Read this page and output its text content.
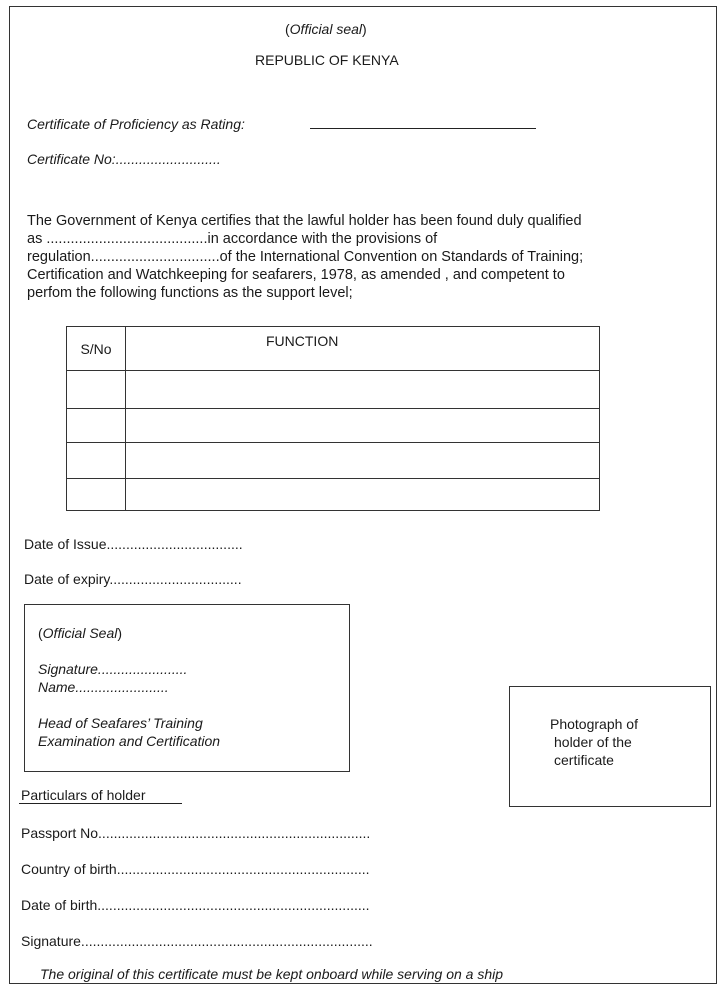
(Official seal)
REPUBLIC OF KENYA
Certificate of Proficiency as Rating:
Certificate No:...........................
The Government of Kenya certifies that the lawful holder has been found duly qualified
as ........................................in accordance with the provisions of
regulation................................of the International Convention on Standards of Training;
Certification and Watchkeeping for seafarers, 1978, as amended , and competent to
perfom the following functions as the support level;
S/No	FUNCTION

Date of Issue...................................
Date of expiry..................................
(Official Seal)
Signature.......................
Name........................
Head of Seafares’ Training
Examination and Certification
Photograph of
holder of the
certificate
Particulars of holder
Passport No......................................................................
Country of birth.................................................................
Date of birth......................................................................
Signature...........................................................................
The original of this certificate must be kept onboard while serving on a ship
